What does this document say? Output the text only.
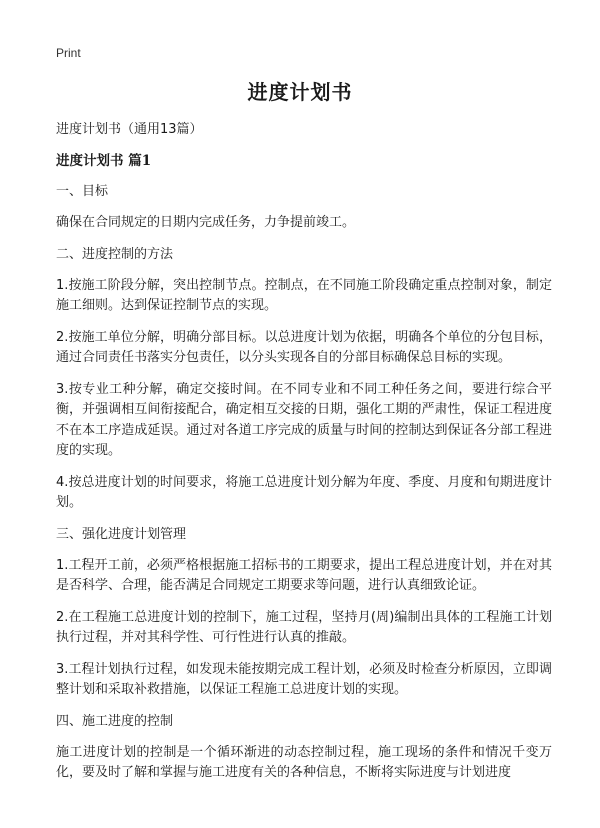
Print
进度计划书

进度计划书（通用13篇）

进度计划书 篇1

一、目标

确保在合同规定的日期内完成任务，力争提前竣工。

二、进度控制的方法

1.按施工阶段分解，突出控制节点。控制点，在不同施工阶段确定重点控制对象，制定施工细则。达到保证控制节点的实现。

2.按施工单位分解，明确分部目标。以总进度计划为依据，明确各个单位的分包目标，通过合同责任书落实分包责任，以分头实现各自的分部目标确保总目标的实现。

3.按专业工种分解，确定交接时间。在不同专业和不同工种任务之间，要进行综合平衡，并强调相互间衔接配合，确定相互交接的日期，强化工期的严肃性，保证工程进度不在本工序造成延误。通过对各道工序完成的质量与时间的控制达到保证各分部工程进度的实现。

4.按总进度计划的时间要求，将施工总进度计划分解为年度、季度、月度和旬期进度计划。

三、强化进度计划管理

1.工程开工前，必须严格根据施工招标书的工期要求，提出工程总进度计划，并在对其是否科学、合理，能否满足合同规定工期要求等问题，进行认真细致论证。

2.在工程施工总进度计划的控制下，施工过程，坚持月(周)编制出具体的工程施工计划执行过程，并对其科学性、可行性进行认真的推敲。

3.工程计划执行过程，如发现未能按期完成工程计划，必须及时检查分析原因，立即调整计划和采取补救措施，以保证工程施工总进度计划的实现。

四、施工进度的控制

施工进度计划的控制是一个循环渐进的动态控制过程，施工现场的条件和情况千变万化，要及时了解和掌握与施工进度有关的各种信息，不断将实际进度与计划进度
